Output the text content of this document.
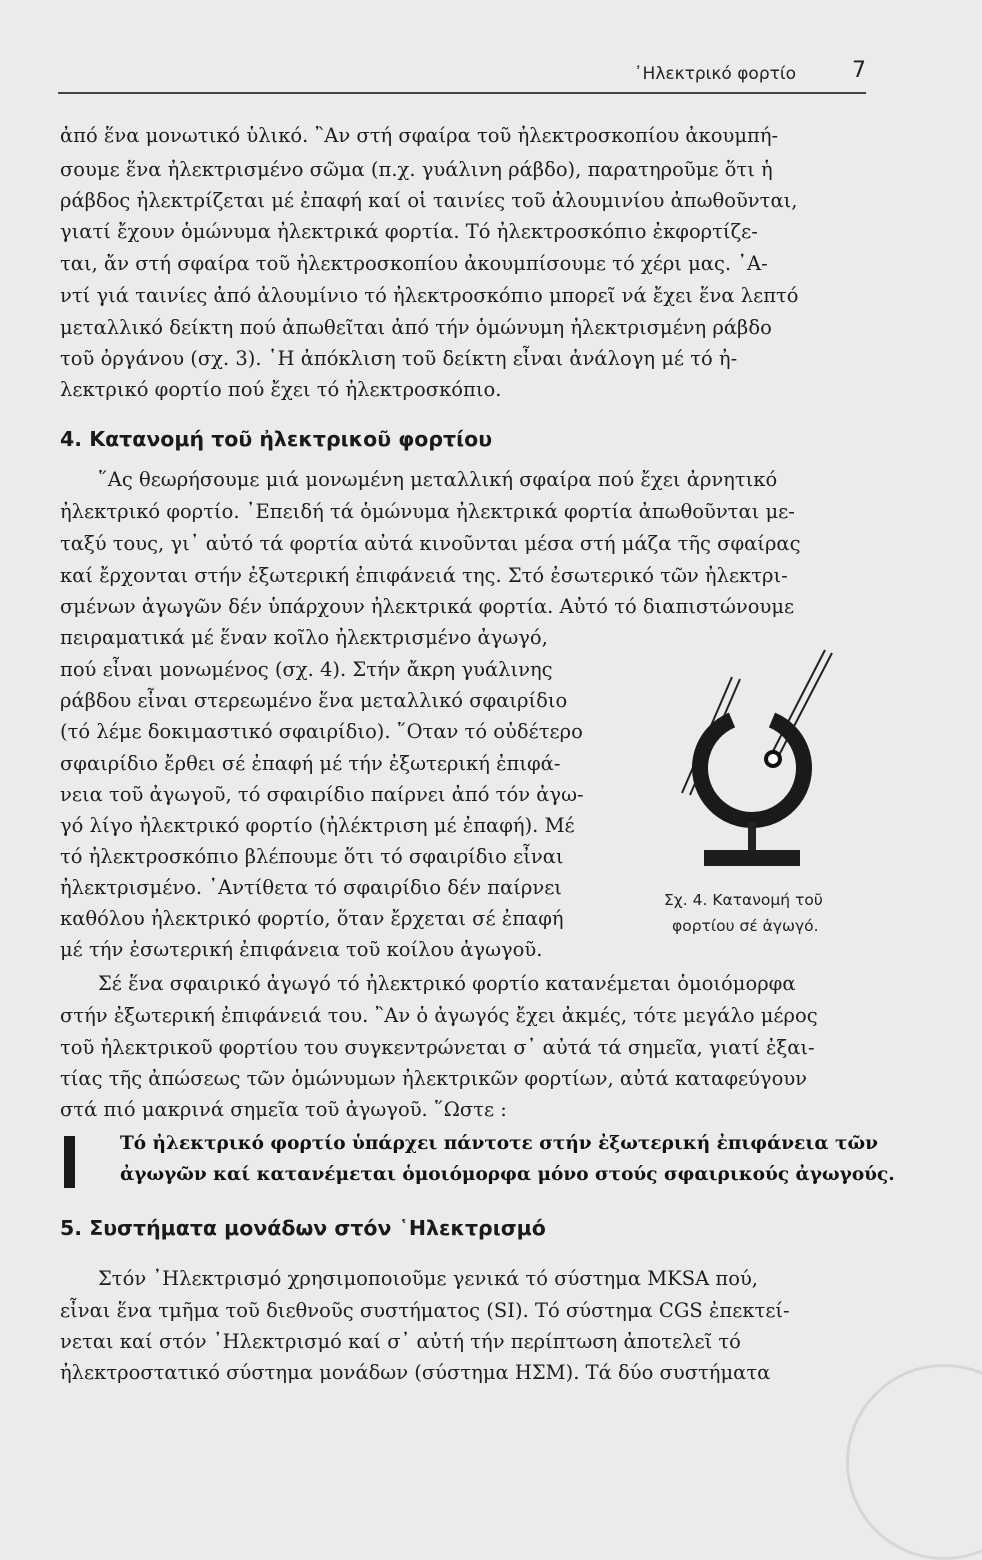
᾿Ηλεκτρικό φορτίο	7
ἀπό ἕνα μονωτικό ὑλικό. ῍Αν στή σφαίρα τοῦ ἠλεκτροσκοπίου ἀκουμπή-
σουμε ἕνα ἠλεκτρισμένο σῶμα (π.χ. γυάλινη ράβδο), παρατηροῦμε ὅτι ἡ
ράβδος ἠλεκτρίζεται μέ ἐπαφή καί οἱ ταινίες τοῦ ἀλουμινίου ἀπωθοῦνται,
γιατί ἔχουν ὁμώνυμα ἠλεκτρικά φορτία. Τό ἠλεκτροσκόπιο ἐκφορτίζε-
ται, ἄν στή σφαίρα τοῦ ἠλεκτροσκοπίου ἀκουμπίσουμε τό χέρι μας. ᾿Α-
ντί γιά ταινίες ἀπό ἀλουμίνιο τό ἠλεκτροσκόπιο μπορεῖ νά ἔχει ἕνα λεπτό
μεταλλικό δείκτη πού ἀπωθεῖται ἀπό τήν ὁμώνυμη ἠλεκτρισμένη ράβδο
τοῦ ὀργάνου (σχ. 3). ῾Η ἀπόκλιση τοῦ δείκτη εἶναι ἀνάλογη μέ τό ἠ-
λεκτρικό φορτίο πού ἔχει τό ἠλεκτροσκόπιο.
4. Κατανομή τοῦ ἠλεκτρικοῦ φορτίου
῞Ας θεωρήσουμε μιά μονωμένη μεταλλική σφαίρα πού ἔχει ἀρνητικό
ἠλεκτρικό φορτίο. ᾿Επειδή τά ὁμώνυμα ἠλεκτρικά φορτία ἀπωθοῦνται με-
ταξύ τους, γι᾿ αὐτό τά φορτία αὐτά κινοῦνται μέσα στή μάζα τῆς σφαίρας
καί ἔρχονται στήν ἐξωτερική ἐπιφάνειά της. Στό ἐσωτερικό τῶν ἠλεκτρι-
σμένων ἀγωγῶν δέν ὑπάρχουν ἠλεκτρικά φορτία. Αὐτό τό διαπιστώνουμε
πειραματικά μέ ἕναν κοῖλο ἠλεκτρισμένο ἀγωγό,
πού εἶναι μονωμένος (σχ. 4). Στήν ἄκρη γυάλινης
ράβδου εἶναι στερεωμένο ἕνα μεταλλικό σφαιρίδιο
(τό λέμε δοκιμαστικό σφαιρίδιο). ῞Οταν τό οὐδέτερο
σφαιρίδιο ἔρθει σέ ἐπαφή μέ τήν ἐξωτερική ἐπιφά-
νεια τοῦ ἀγωγοῦ, τό σφαιρίδιο παίρνει ἀπό τόν ἀγω-
γό λίγο ἠλεκτρικό φορτίο (ἠλέκτριση μέ ἐπαφή). Μέ
τό ἠλεκτροσκόπιο βλέπουμε ὅτι τό σφαιρίδιο εἶναι
ἠλεκτρισμένο. ᾿Αντίθετα τό σφαιρίδιο δέν παίρνει
καθόλου ἠλεκτρικό φορτίο, ὅταν ἔρχεται σέ ἐπαφή
μέ τήν ἐσωτερική ἐπιφάνεια τοῦ κοίλου ἀγωγοῦ.
Σχ. 4. Κατανομή τοῦ
φορτίου σέ ἀγωγό.
Σέ ἕνα σφαιρικό ἀγωγό τό ἠλεκτρικό φορτίο κατανέμεται ὁμοιόμορφα
στήν ἐξωτερική ἐπιφάνειά του. ῍Αν ὁ ἀγωγός ἔχει ἀκμές, τότε μεγάλο μέρος
τοῦ ἠλεκτρικοῦ φορτίου του συγκεντρώνεται σ᾿ αὐτά τά σημεῖα, γιατί ἐξαι-
τίας τῆς ἀπώσεως τῶν ὁμώνυμων ἠλεκτρικῶν φορτίων, αὐτά καταφεύγουν
στά πιό μακρινά σημεῖα τοῦ ἀγωγοῦ. ῞Ωστε :
Τό ἠλεκτρικό φορτίο ὑπάρχει πάντοτε στήν ἐξωτερική ἐπιφάνεια τῶν
ἀγωγῶν καί κατανέμεται ὁμοιόμορφα μόνο στούς σφαιρικούς ἀγωγούς.
5. Συστήματα μονάδων στόν ῾Ηλεκτρισμό
Στόν ᾿Ηλεκτρισμό χρησιμοποιοῦμε γενικά τό σύστημα MKSA πού,
εἶναι ἕνα τμῆμα τοῦ διεθνοῦς συστήματος (SI). Τό σύστημα CGS ἐπεκτεί-
νεται καί στόν ᾿Ηλεκτρισμό καί σ᾿ αὐτή τήν περίπτωση ἀποτελεῖ τό
ἠλεκτροστατικό σύστημα μονάδων (σύστημα ΗΣΜ). Τά δύο συστήματα
